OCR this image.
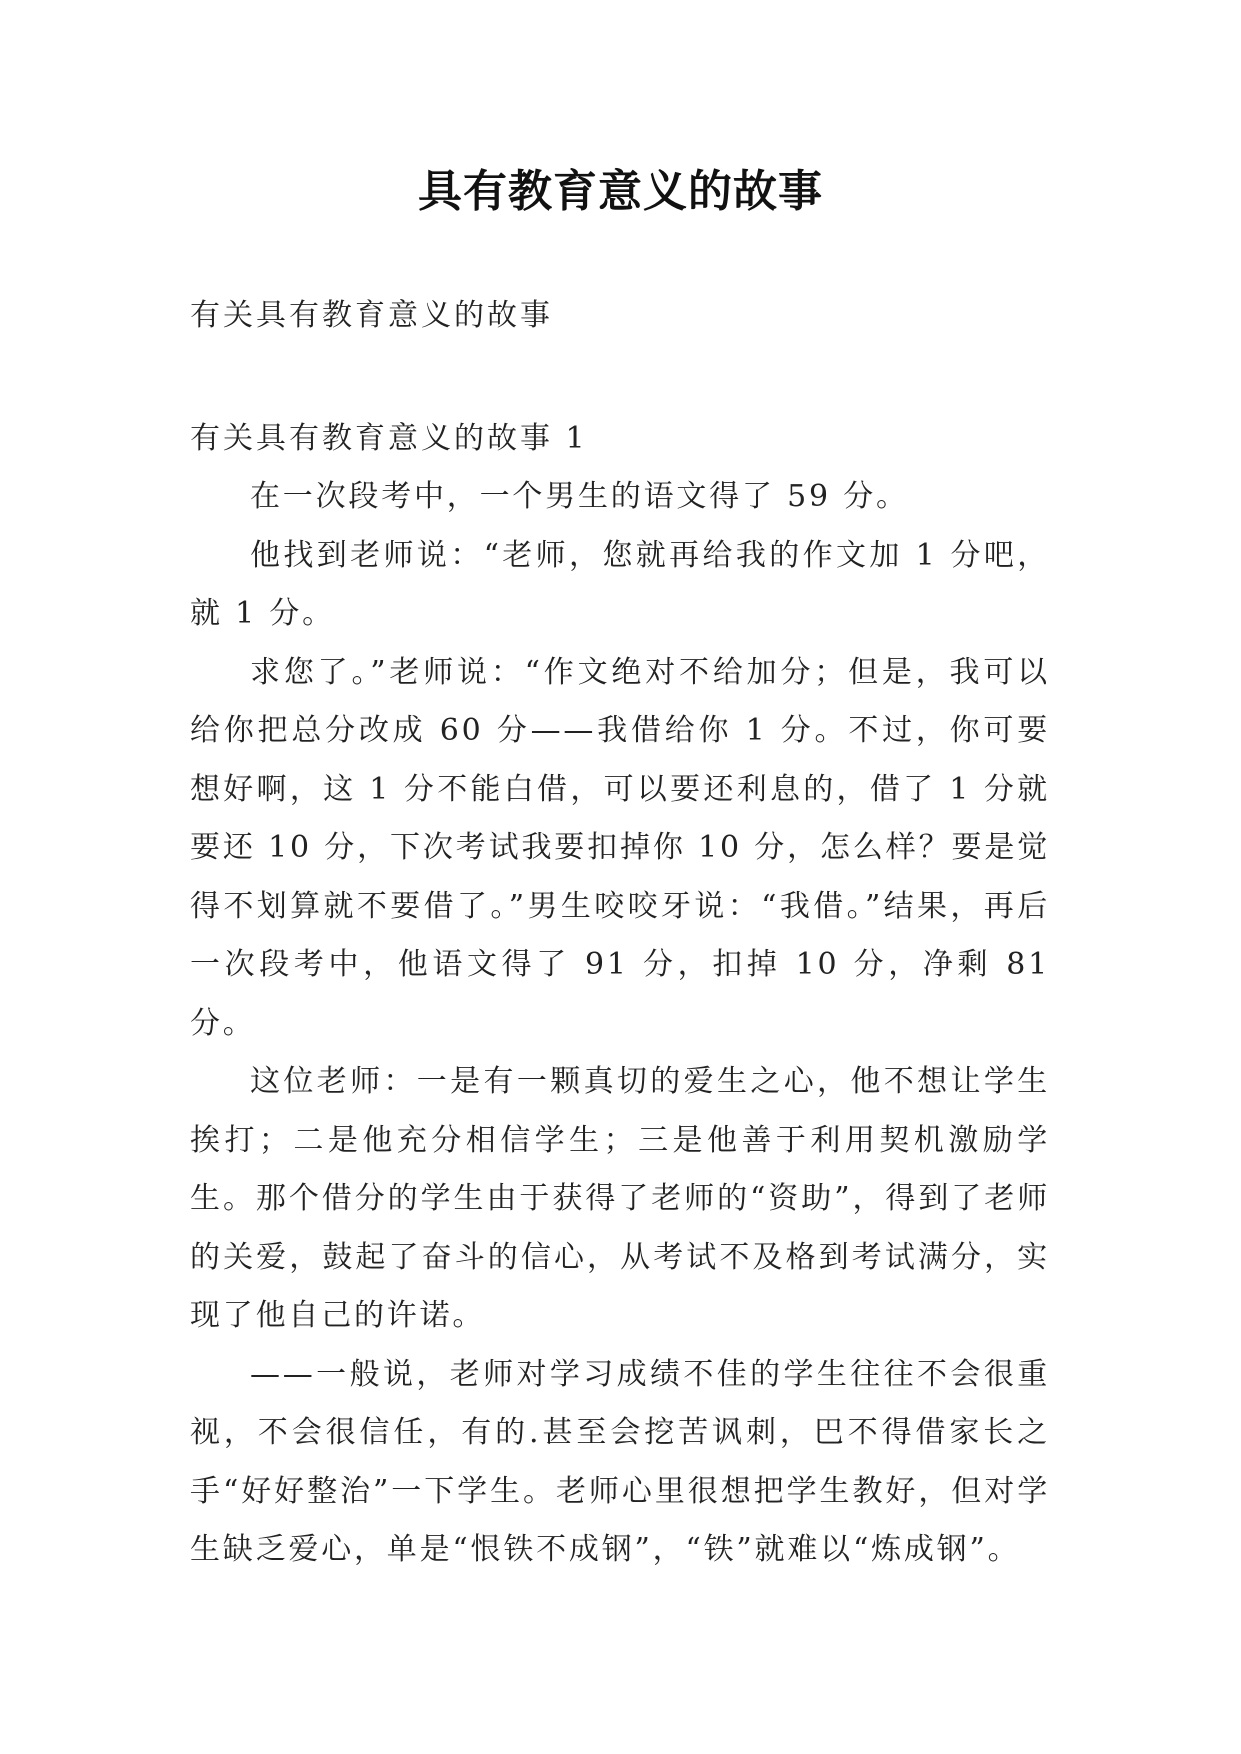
具有教育意义的故事

有关具有教育意义的故事

有关具有教育意义的故事 1

在一次段考中，一个男生的语文得了 59 分。

他找到老师说：“老师，您就再给我的作文加 1 分吧，就 1 分。

求您了。”老师说：“作文绝对不给加分；但是，我可以给你把总分改成 60 分——我借给你 1 分。不过，你可要想好啊，这 1 分不能白借，可以要还利息的，借了 1 分就要还 10 分，下次考试我要扣掉你 10 分，怎么样？要是觉得不划算就不要借了。”男生咬咬牙说：“我借。”结果，再后一次段考中，他语文得了 91 分，扣掉 10 分，净剩 81 分。

这位老师：一是有一颗真切的爱生之心，他不想让学生挨打；二是他充分相信学生；三是他善于利用契机激励学生。那个借分的学生由于获得了老师的“资助”，得到了老师的关爱，鼓起了奋斗的信心，从考试不及格到考试满分，实现了他自己的许诺。

——一般说，老师对学习成绩不佳的学生往往不会很重视，不会很信任，有的.甚至会挖苦讽刺，巴不得借家长之手“好好整治”一下学生。老师心里很想把学生教好，但对学生缺乏爱心，单是“恨铁不成钢”，“铁”就难以“炼成钢”。
